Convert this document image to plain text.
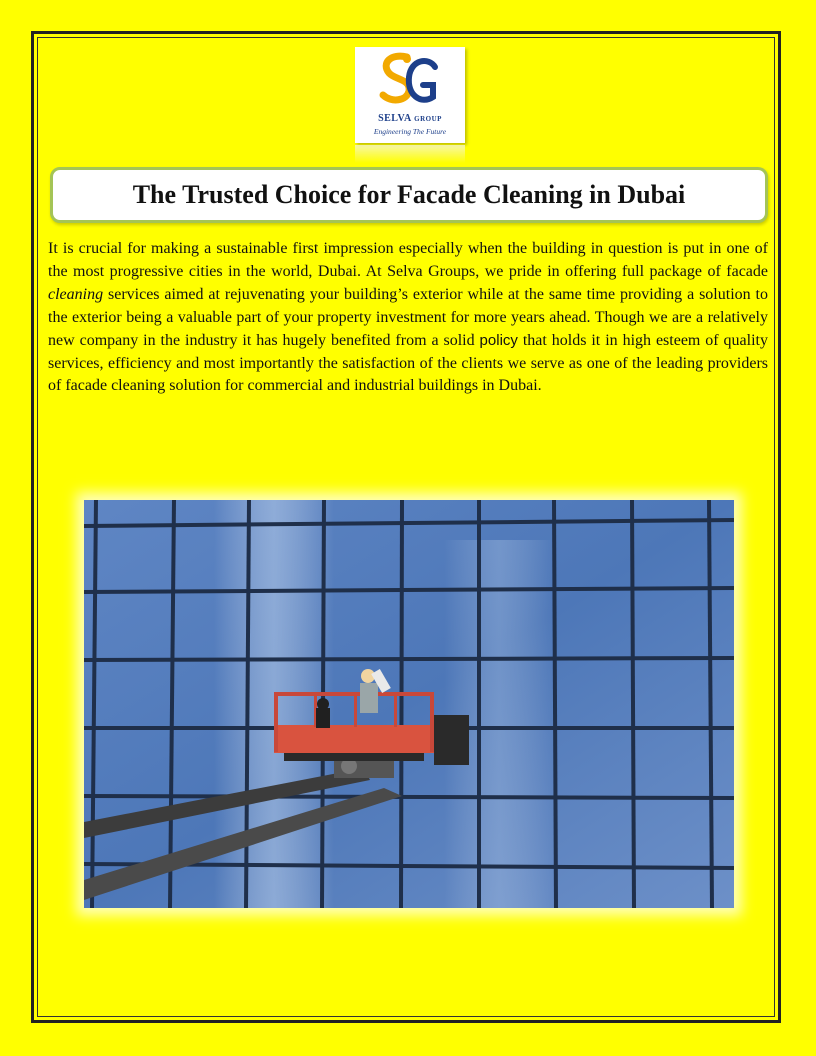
SELVA GROUP
Engineering The Future
The Trusted Choice for Facade Cleaning in Dubai

It is crucial for making a sustainable first impression especially when the building in question is put in one of the most progressive cities in the world, Dubai. At Selva Groups, we pride in offering full package of facade cleaning services aimed at rejuvenating your building’s exterior while at the same time providing a solution to the exterior being a valuable part of your property investment for more years ahead. Though we are a relatively new company in the industry it has hugely benefited from a solid policy that holds it in high esteem of quality services, efficiency and most importantly the satisfaction of the clients we serve as one of the leading providers of facade cleaning solution for commercial and industrial buildings in Dubai.
